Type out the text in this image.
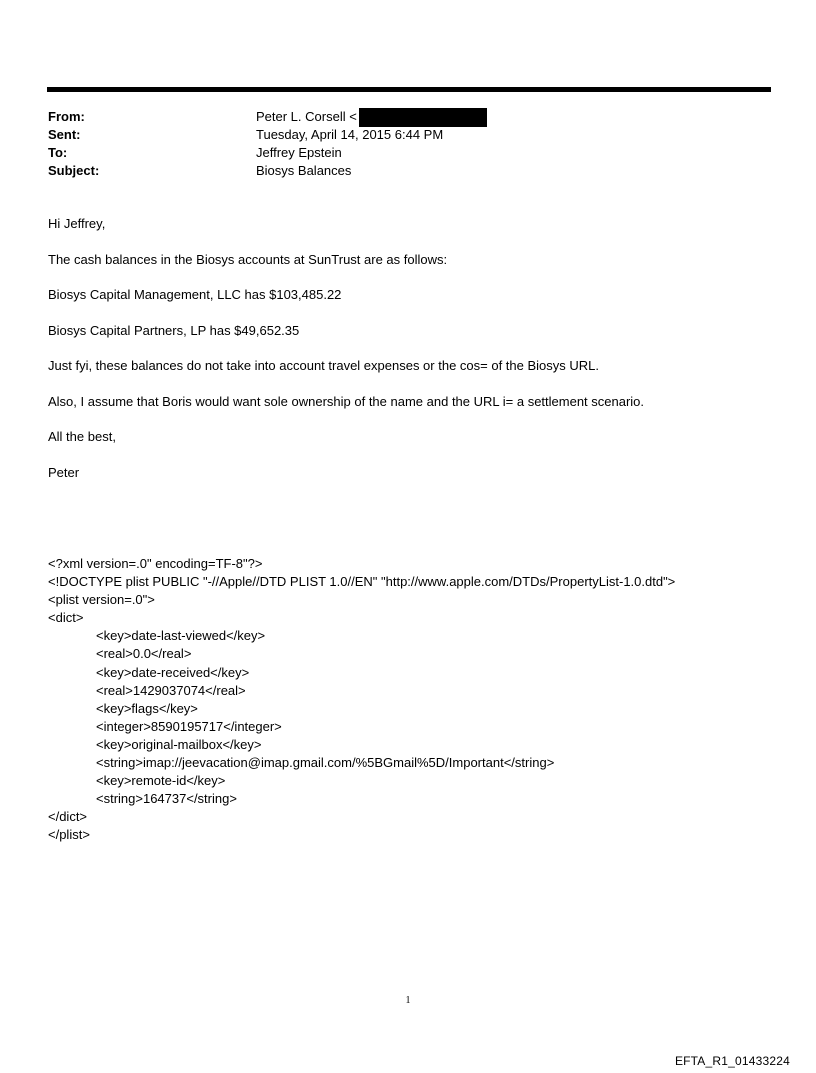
From:	Peter L. Corsell <
Sent:	Tuesday, April 14, 2015 6:44 PM
To:	Jeffrey Epstein
Subject:	Biosys Balances

Hi Jeffrey,

The cash balances in the Biosys accounts at SunTrust are as follows:

Biosys Capital Management, LLC has $103,485.22

Biosys Capital Partners, LP has $49,652.35

Just fyi, these balances do not take into account travel expenses or the cos= of the Biosys URL.

Also, I assume that Boris would want sole ownership of the name and the URL i= a settlement scenario.

All the best,

Peter

<?xml version=.0" encoding=TF-8"?>
<!DOCTYPE plist PUBLIC "-//Apple//DTD PLIST 1.0//EN" "http://www.apple.com/DTDs/PropertyList-1.0.dtd">
<plist version=.0">
<dict>
<key>date-last-viewed</key>
<real>0.0</real>
<key>date-received</key>
<real>1429037074</real>
<key>flags</key>
<integer>8590195717</integer>
<key>original-mailbox</key>
<string>imap://jeevacation@imap.gmail.com/%5BGmail%5D/Important</string>
<key>remote-id</key>
<string>164737</string>
</dict>
</plist>
1
EFTA_R1_01433224
